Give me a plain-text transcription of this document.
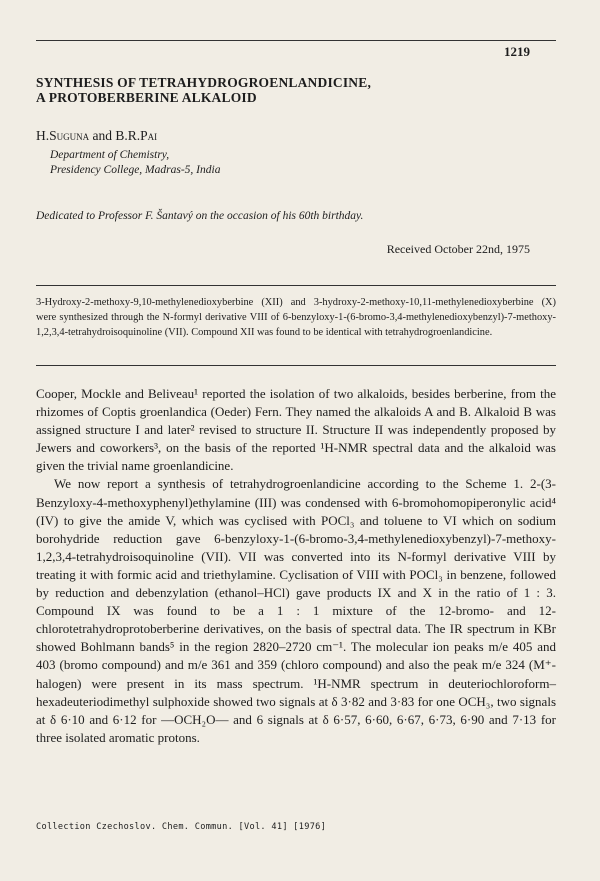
1219
SYNTHESIS OF TETRAHYDROGROENLANDICINE,
A PROTOBERBERINE ALKALOID
H.Suguna and B.R.Pai
Department of Chemistry,
Presidency College, Madras-5, India
Dedicated to Professor F. Šantavý on the occasion of his 60th birthday.
Received October 22nd, 1975
3-Hydroxy-2-methoxy-9,10-methylenedioxyberbine (XII) and 3-hydroxy-2-methoxy-10,11-methylenedioxyberbine (X) were synthesized through the N-formyl derivative VIII of 6-benzyloxy-1-(6-bromo-3,4-methylenedioxybenzyl)-7-methoxy-1,2,3,4-tetrahydroisoquinoline (VII). Compound XII was found to be identical with tetrahydrogroenlandicine.

Cooper, Mockle and Beliveau¹ reported the isolation of two alkaloids, besides berberine, from the rhizomes of Coptis groenlandica (Oeder) Fern. They named the alkaloids A and B. Alkaloid B was assigned structure I and later² revised to structure II. Structure II was independently proposed by Jewers and coworkers³, on the basis of the reported ¹H-NMR spectral data and the alkaloid was given the trivial name groenlandicine.

We now report a synthesis of tetrahydrogroenlandicine according to the Scheme 1. 2-(3-Benzyloxy-4-methoxyphenyl)ethylamine (III) was condensed with 6-bromohomopiperonylic acid⁴ (IV) to give the amide V, which was cyclised with POCl₃ and toluene to VI which on sodium borohydride reduction gave 6-benzyloxy-1-(6-bromo-3,4-methylenedioxybenzyl)-7-methoxy-1,2,3,4-tetrahydroisoquinoline (VII). VII was converted into its N-formyl derivative VIII by treating it with formic acid and triethylamine. Cyclisation of VIII with POCl₃ in benzene, followed by reduction and debenzylation (ethanol–HCl) gave products IX and X in the ratio of 1 : 3. Compound IX was found to be a 1 : 1 mixture of the 12-bromo- and 12-chlorotetrahydroprotoberberine derivatives, on the basis of spectral data. The IR spectrum in KBr showed Bohlmann bands⁵ in the region 2820–2720 cm⁻¹. The molecular ion peaks m/e 405 and 403 (bromo compound) and m/e 361 and 359 (chloro compound) and also the peak m/e 324 (M⁺-halogen) were present in its mass spectrum. ¹H-NMR spectrum in deuteriochloroform–hexadeuteriodimethyl sulphoxide showed two signals at δ 3·82 and 3·83 for one OCH₃, two signals at δ 6·10 and 6·12 for —OCH₂O— and 6 signals at δ 6·57, 6·60, 6·67, 6·73, 6·90 and 7·13 for three isolated aromatic protons.

Collection Czechoslov. Chem. Commun. [Vol. 41] [1976]
